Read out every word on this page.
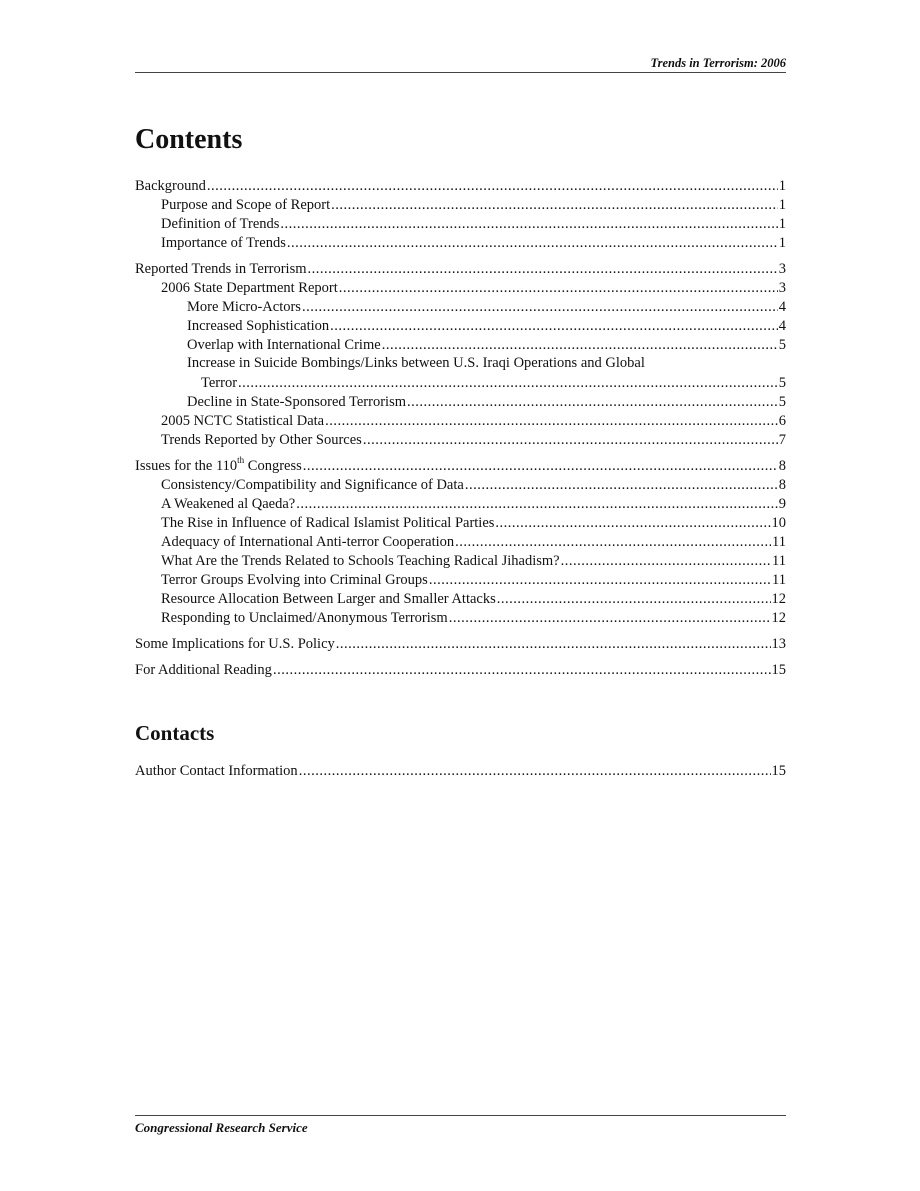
Trends in Terrorism: 2006
Contents
Background .....	1
Purpose and Scope of Report .....	1
Definition of Trends .....	1
Importance of Trends .....	1
Reported Trends in Terrorism .....	3
2006 State Department Report .....	3
More Micro-Actors .....	4
Increased Sophistication .....	4
Overlap with International Crime .....	5
Increase in Suicide Bombings/Links between U.S. Iraqi Operations and Global
Terror .....	5
Decline in State-Sponsored Terrorism .....	5
2005 NCTC Statistical Data .....	6
Trends Reported by Other Sources .....	7
Issues for the 110th Congress .....	8
Consistency/Compatibility and Significance of Data .....	8
A Weakened al Qaeda? .....	9
The Rise in Influence of Radical Islamist Political Parties .....	10
Adequacy of International Anti-terror Cooperation .....	11
What Are the Trends Related to Schools Teaching Radical Jihadism? .....	11
Terror Groups Evolving into Criminal Groups .....	11
Resource Allocation Between Larger and Smaller Attacks .....	12
Responding to Unclaimed/Anonymous Terrorism .....	12
Some Implications for U.S. Policy .....	13
For Additional Reading .....	15
Contacts
Author Contact Information .....	15
Congressional Research Service
